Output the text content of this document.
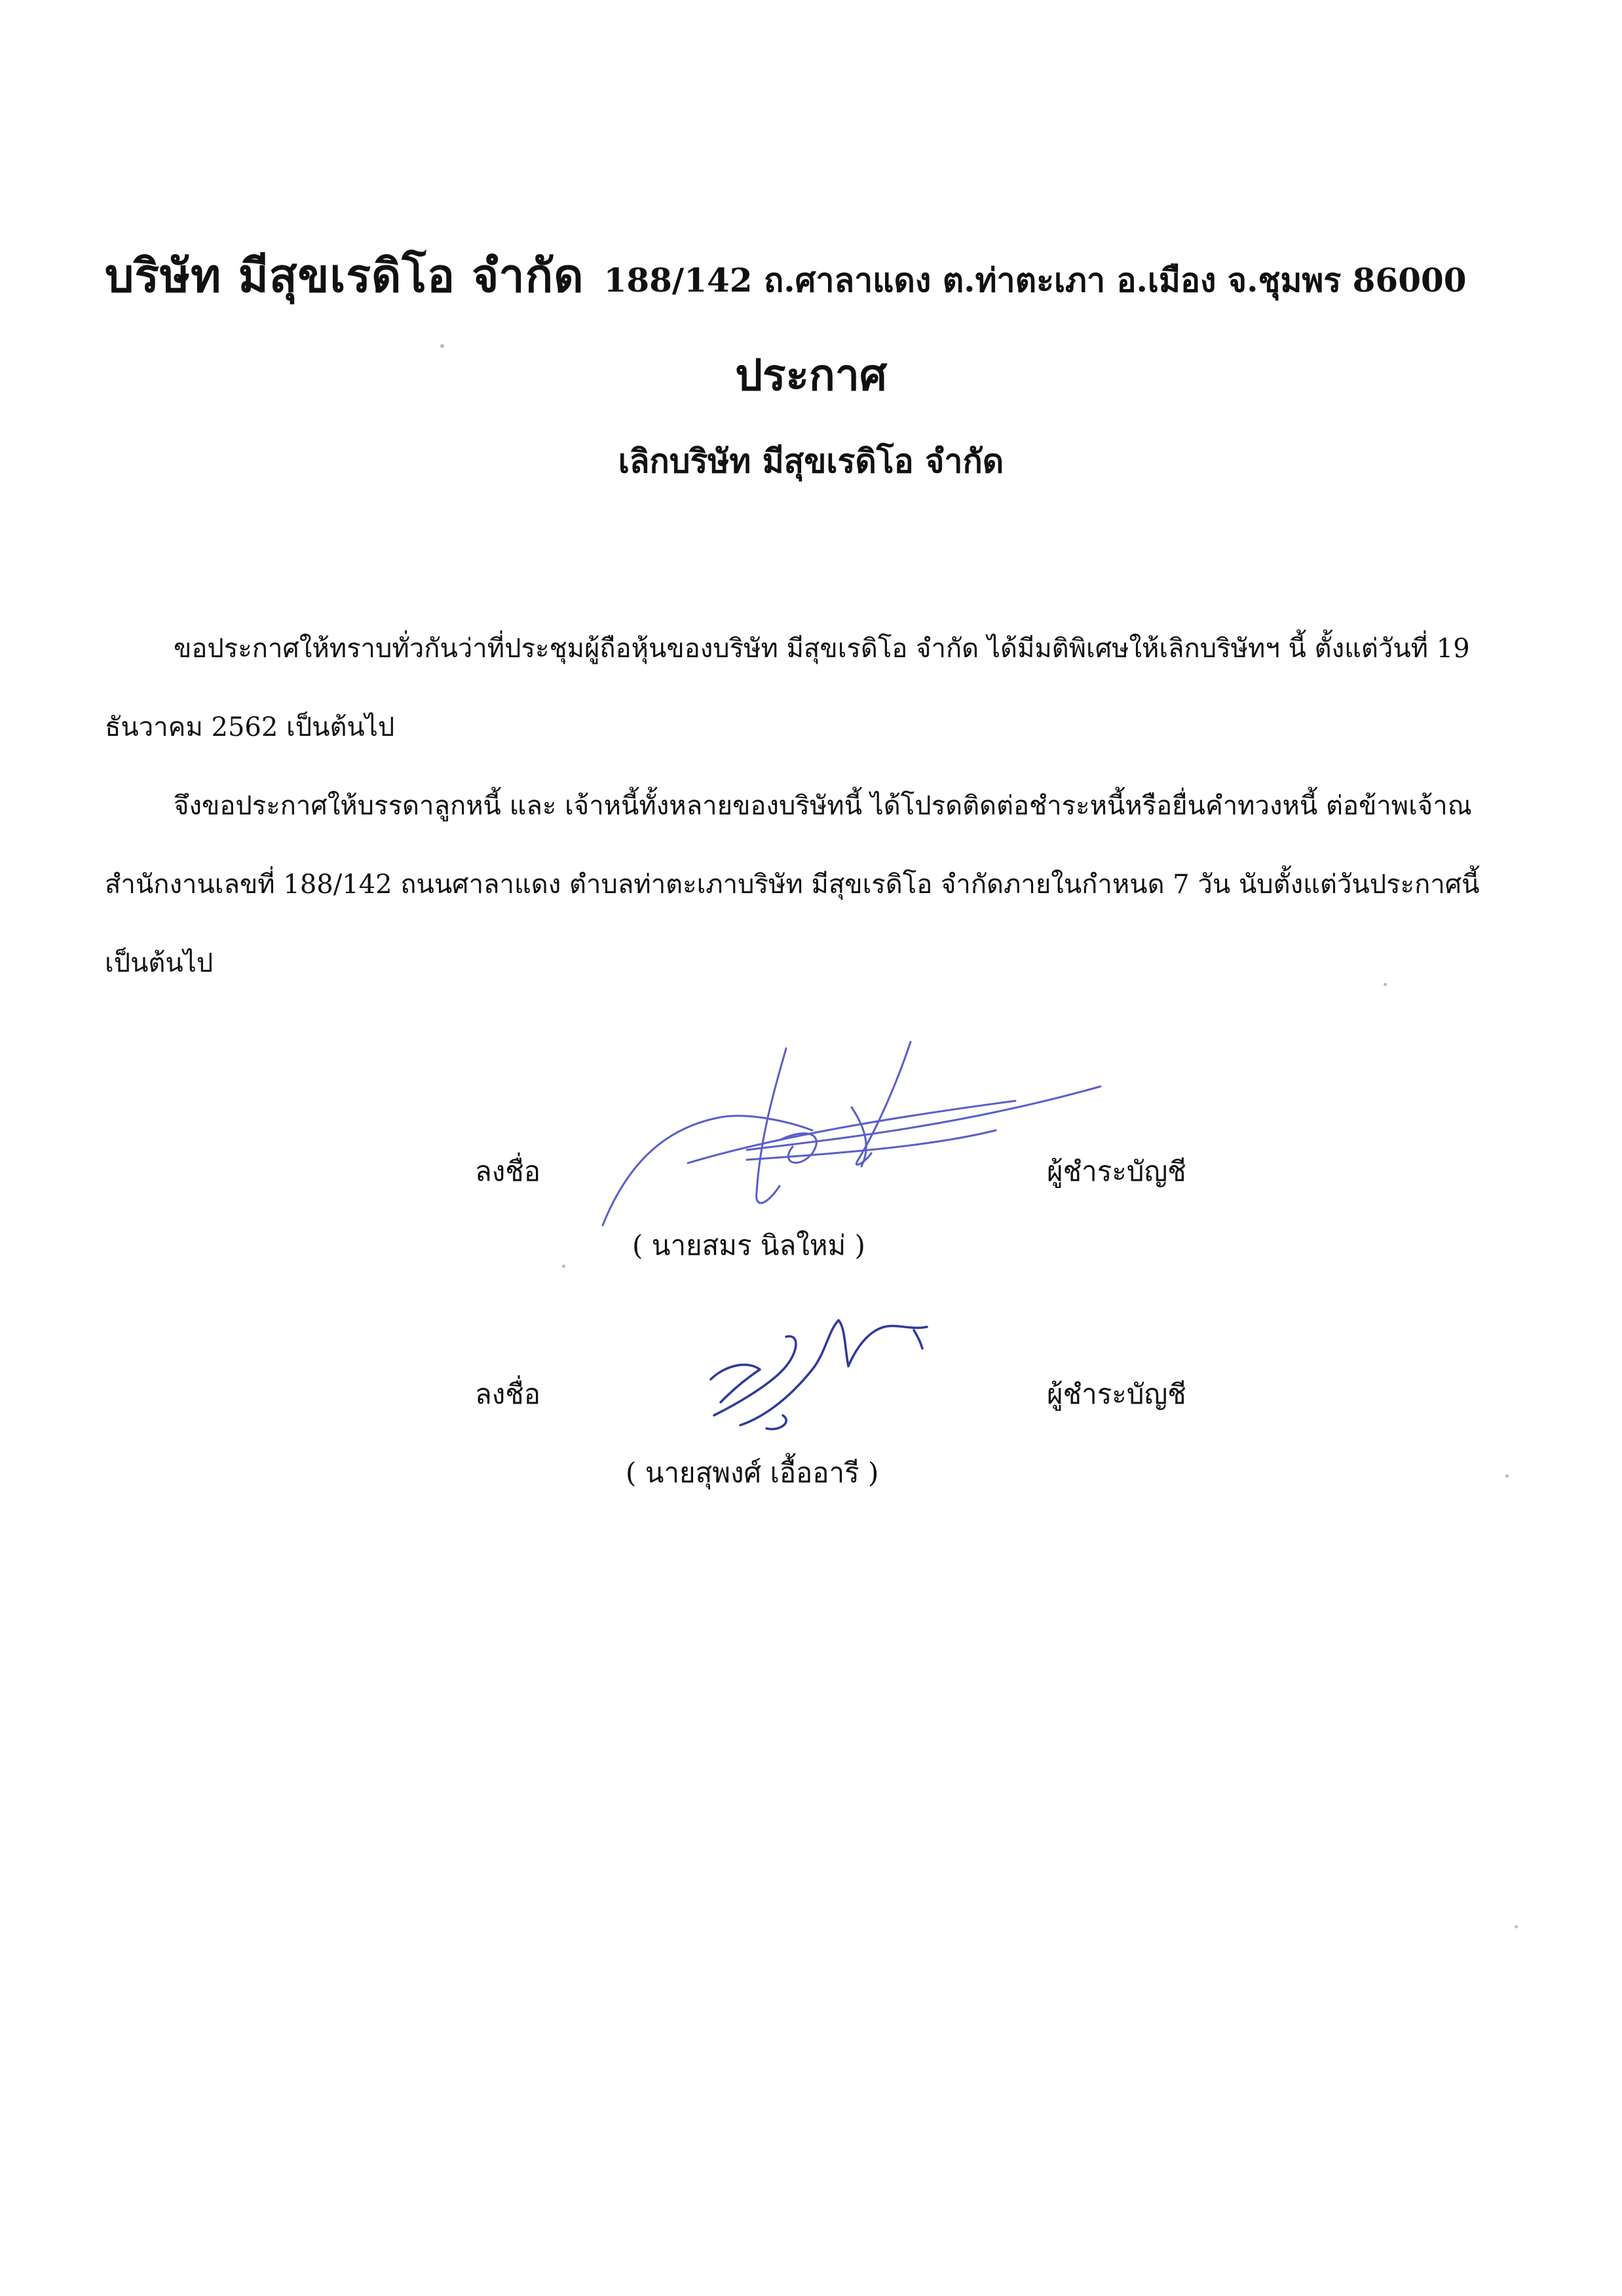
บริษัท มีสุขเรดิโอ จำกัด 188/142 ถ.ศาลาแดง ต.ท่าตะเภา อ.เมือง จ.ชุมพร 86000
ประกาศ
เลิกบริษัท มีสุขเรดิโอ จำกัด
ขอประกาศให้ทราบทั่วกันว่าที่ประชุมผู้ถือหุ้นของบริษัท มีสุขเรดิโอ จำกัด ได้มีมติพิเศษให้เลิกบริษัทฯ นี้ ตั้งแต่วันที่ 19 ธันวาคม 2562 เป็นต้นไป
จึงขอประกาศให้บรรดาลูกหนี้ และ เจ้าหนี้ทั้งหลายของบริษัทนี้ ได้โปรดติดต่อชำระหนี้หรือยื่นคำทวงหนี้ ต่อข้าพเจ้าณ สำนักงานเลขที่ 188/142 ถนนศาลาแดง ตำบลท่าตะเภาบริษัท มีสุขเรดิโอ จำกัดภายในกำหนด 7 วัน นับตั้งแต่วันประกาศนี้เป็นต้นไป
ลงชื่อ	ผู้ชำระบัญชี
( นายสมร นิลใหม่ )
ลงชื่อ	ผู้ชำระบัญชี
( นายสุพงศ์ เอื้ออารี )
